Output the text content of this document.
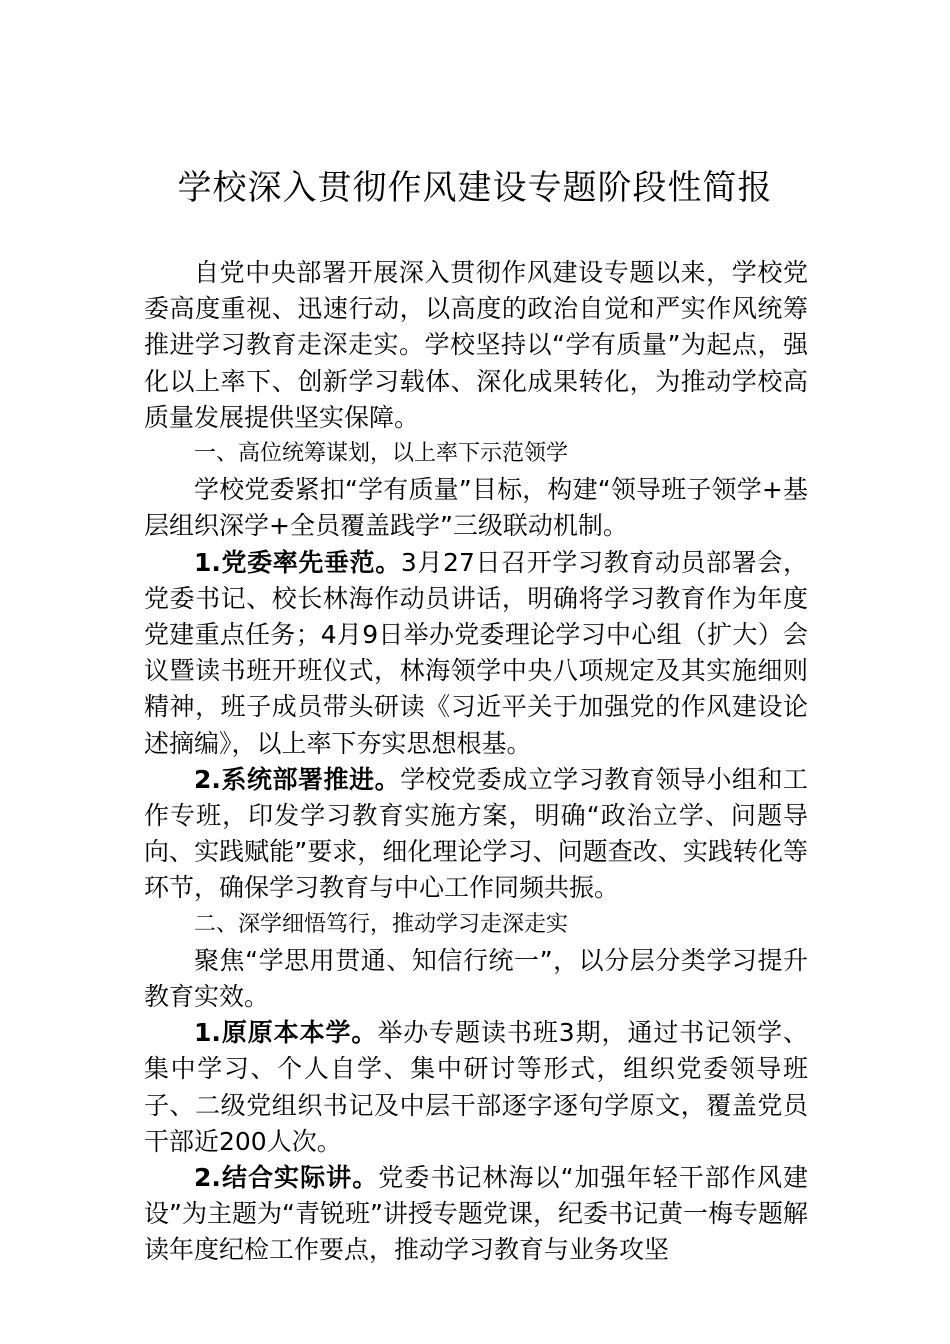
学校深入贯彻作风建设专题阶段性简报

自党中央部署开展深入贯彻作风建设专题以来，学校党委高度重视、迅速行动，以高度的政治自觉和严实作风统筹推进学习教育走深走实。学校坚持以“学有质量”为起点，强化以上率下、创新学习载体、深化成果转化，为推动学校高质量发展提供坚实保障。

一、高位统筹谋划，以上率下示范领学

学校党委紧扣“学有质量”目标，构建“领导班子领学+基层组织深学+全员覆盖践学”三级联动机制。

1.党委率先垂范。3月27日召开学习教育动员部署会，党委书记、校长林海作动员讲话，明确将学习教育作为年度党建重点任务；4月9日举办党委理论学习中心组（扩大）会议暨读书班开班仪式，林海领学中央八项规定及其实施细则精神，班子成员带头研读《习近平关于加强党的作风建设论述摘编》，以上率下夯实思想根基。

2.系统部署推进。学校党委成立学习教育领导小组和工作专班，印发学习教育实施方案，明确“政治立学、问题导向、实践赋能”要求，细化理论学习、问题查改、实践转化等环节，确保学习教育与中心工作同频共振。

二、深学细悟笃行，推动学习走深走实

聚焦“学思用贯通、知信行统一”，以分层分类学习提升教育实效。

1.原原本本学。举办专题读书班3期，通过书记领学、集中学习、个人自学、集中研讨等形式，组织党委领导班子、二级党组织书记及中层干部逐字逐句学原文，覆盖党员干部近200人次。

2.结合实际讲。党委书记林海以“加强年轻干部作风建设”为主题为“青锐班”讲授专题党课，纪委书记黄一梅专题解读年度纪检工作要点，推动学习教育与业务攻坚
